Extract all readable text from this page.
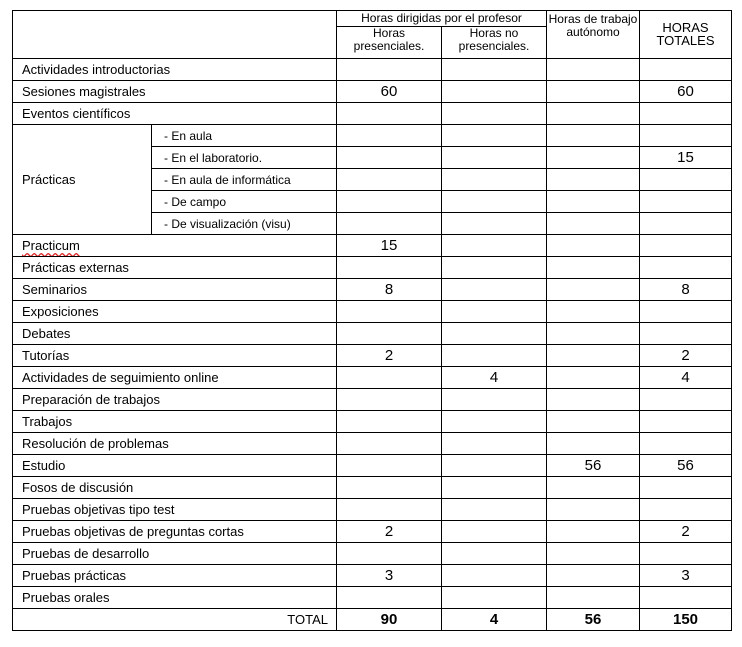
		Horas dirigidas por el profesor		Horas de trabajo autónomo	HORAS TOTALES
		Horas presenciales.	Horas no presenciales.		
Actividades introductorias					
Sesiones magistrales		60			60
Eventos científicos					
Prácticas	- En aula				
	- En el laboratorio.				15
	- En aula de informática				
	- De campo				
	- De visualización (visu)				
Practicum		15			
Prácticas externas					
Seminarios		8			8
Exposiciones					
Debates					
Tutorías		2			2
Actividades de seguimiento online			4		4
Preparación de trabajos					
Trabajos					
Resolución de problemas					
Estudio				56	56
Fosos de discusión					
Pruebas objetivas tipo test					
Pruebas objetivas de preguntas cortas		2			2
Pruebas de desarrollo					
Pruebas prácticas		3			3
Pruebas orales					
TOTAL		90	4	56	150
